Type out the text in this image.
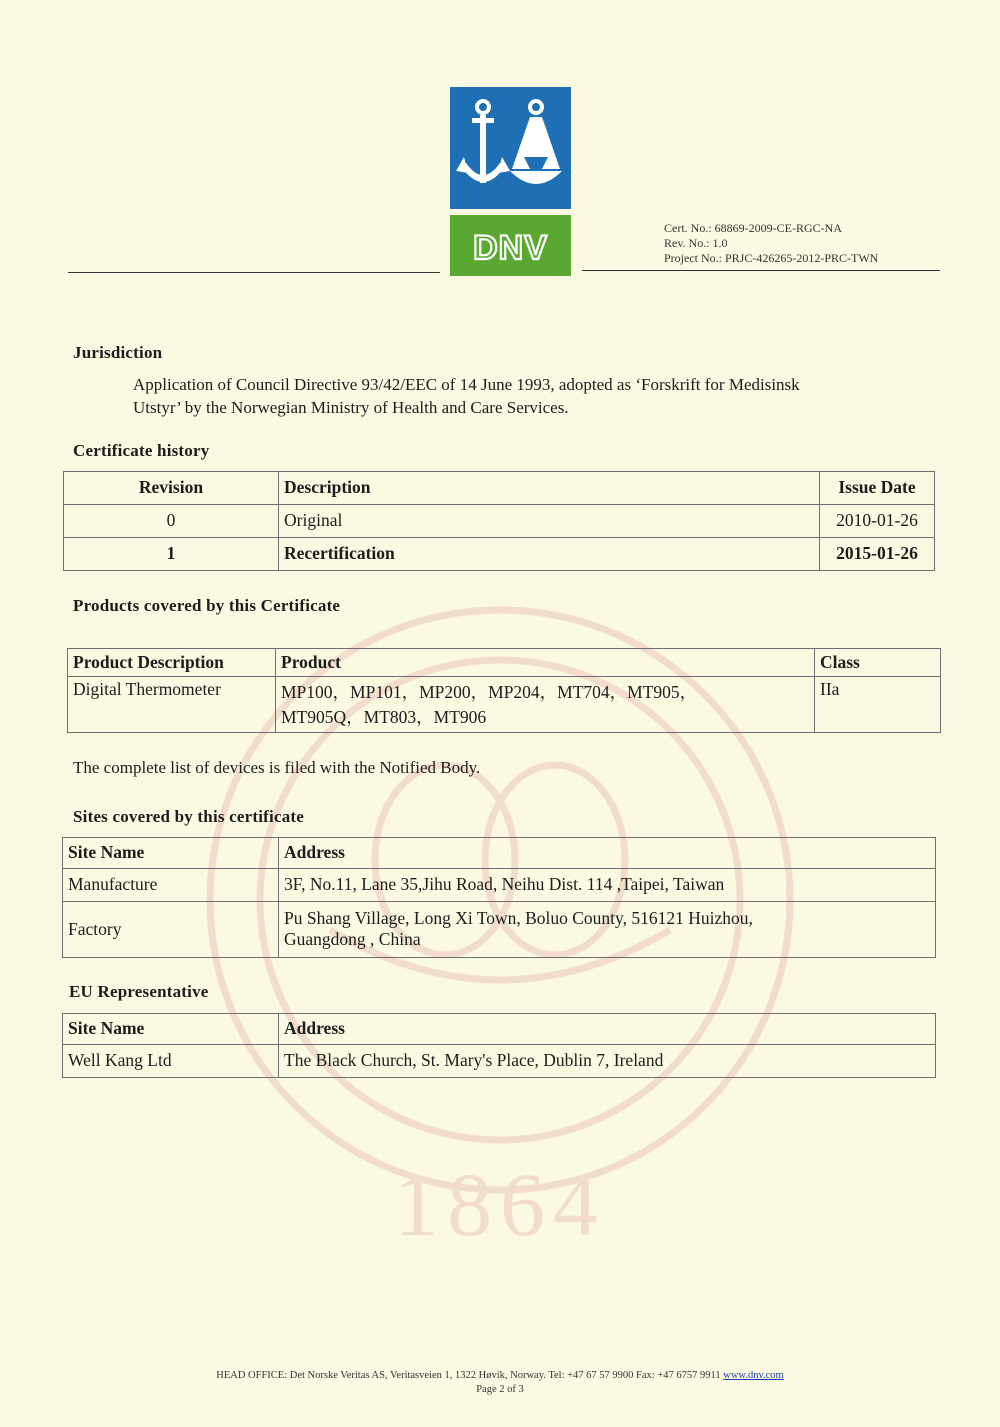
1864
DNV
Cert. No.: 68869-2009-CE-RGC-NA
Rev. No.: 1.0
Project No.: PRJC-426265-2012-PRC-TWN
Jurisdiction
Application of Council Directive 93/42/EEC of 14 June 1993, adopted as ‘Forskrift for Medisinsk
Utstyr’ by the Norwegian Ministry of Health and Care Services.
Certificate history
Revision	Description	Issue Date
0	Original	2010-01-26
1	Recertification	2015-01-26
Products covered by this Certificate
Product Description	Product	Class
Digital Thermometer	MP100，MP101，MP200，MP204，MT704，MT905，
MT905Q，MT803，MT906	IIa
The complete list of devices is filed with the Notified Body.
Sites covered by this certificate
Site Name	Address
Manufacture	3F, No.11, Lane 35,Jihu Road, Neihu Dist. 114 ,Taipei, Taiwan
Factory	Pu Shang Village, Long Xi Town, Boluo County, 516121 Huizhou,
Guangdong , China
EU Representative
Site Name	Address
Well Kang Ltd	The Black Church, St. Mary's Place, Dublin 7, Ireland
HEAD OFFICE: Det Norske Veritas AS, Veritasveien 1, 1322 Høvik, Norway. Tel: +47 67 57 9900 Fax: +47 6757 9911 www.dnv.com
Page 2 of 3
